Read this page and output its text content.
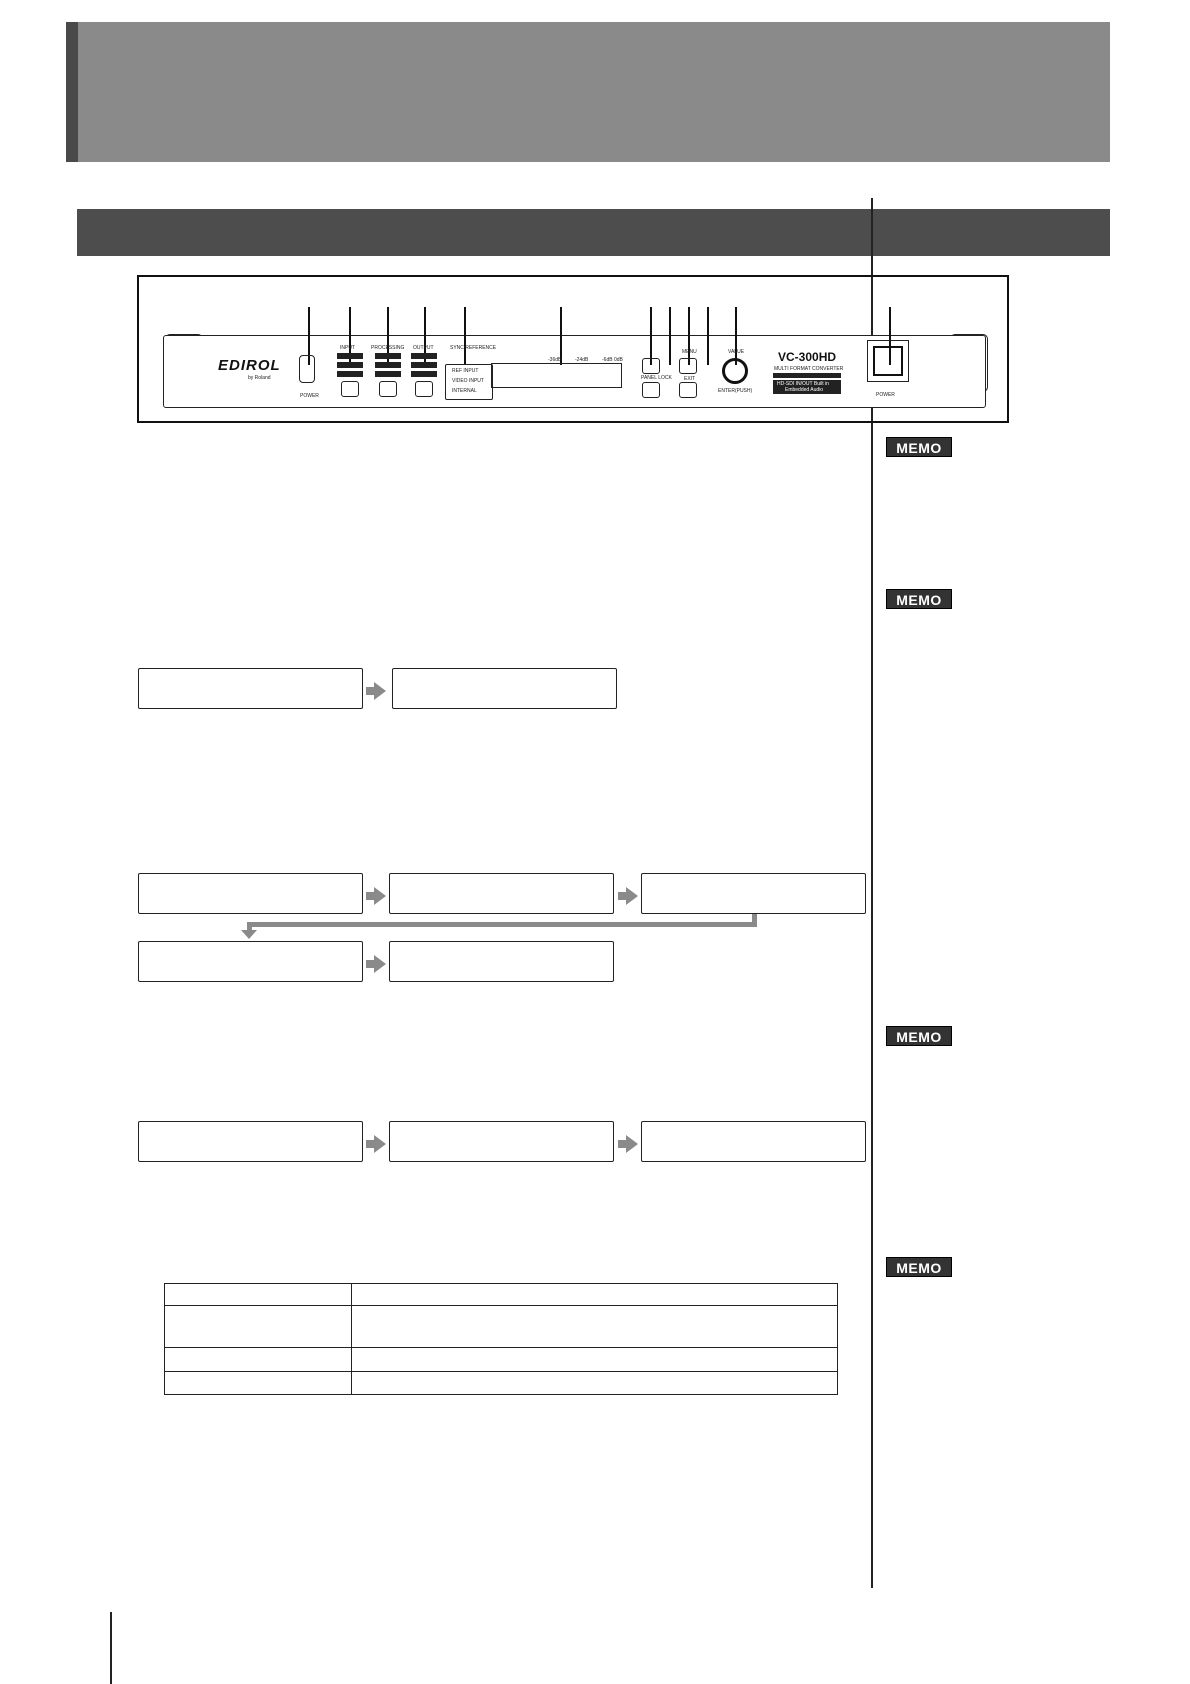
EDIROL
by Roland
POWER
INPUT	PROCESSING OUTPUT	SYNC REFERENCE
REF INPUT
VIDEO INPUT
INTERNAL
-36dB	-24dB	-6dB 0dB
PANEL LOCK
MENU
EXIT
VALUE
ENTER(PUSH)
VC-300HD
MULTI FORMAT CONVERTER
HD-SDI IN/OUT Built in
Embedded Audio
POWER

MEMO
MEMO
MEMO
MEMO
